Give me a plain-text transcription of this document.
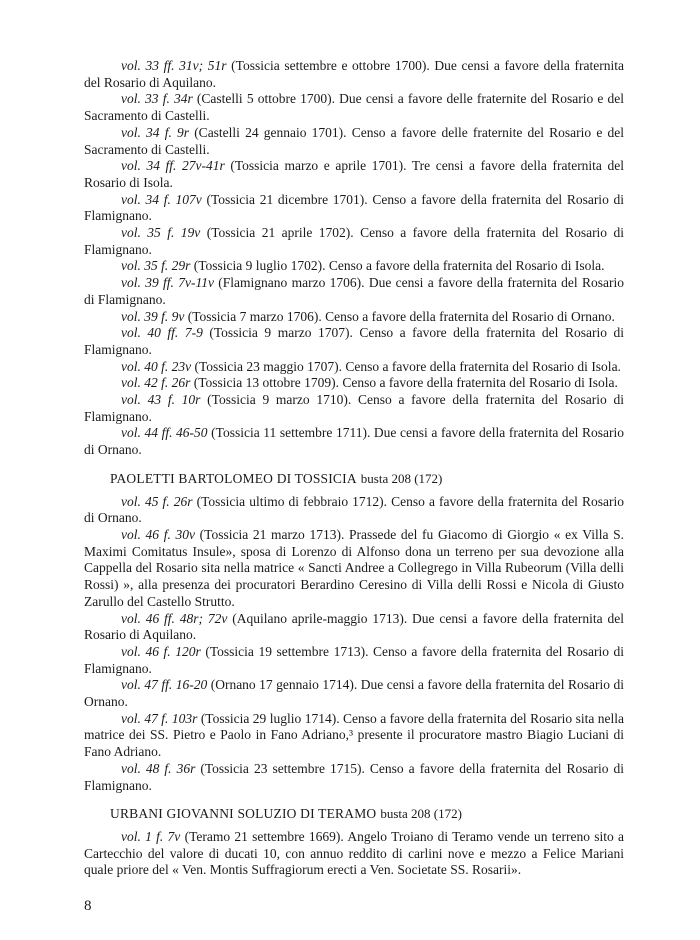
vol. 33 ff. 31v; 51r (Tossicia settembre e ottobre 1700). Due censi a favore della fraternita del Rosario di Aquilano.

vol. 33 f. 34r (Castelli 5 ottobre 1700). Due censi a favore delle fraternite del Rosario e del Sacramento di Castelli.

vol. 34 f. 9r (Castelli 24 gennaio 1701). Censo a favore delle fraternite del Rosario e del Sacramento di Castelli.

vol. 34 ff. 27v-41r (Tossicia marzo e aprile 1701). Tre censi a favore della fraternita del Rosario di Isola.

vol. 34 f. 107v (Tossicia 21 dicembre 1701). Censo a favore della fraternita del Rosario di Flamignano.

vol. 35 f. 19v (Tossicia 21 aprile 1702). Censo a favore della fraternita del Rosario di Flamignano.

vol. 35 f. 29r (Tossicia 9 luglio 1702). Censo a favore della fraternita del Rosario di Isola.

vol. 39 ff. 7v-11v (Flamignano marzo 1706). Due censi a favore della fraternita del Rosario di Flamignano.

vol. 39 f. 9v (Tossicia 7 marzo 1706). Censo a favore della fraternita del Rosario di Ornano.

vol. 40 ff. 7-9 (Tossicia 9 marzo 1707). Censo a favore della fraternita del Rosario di Flamignano.

vol. 40 f. 23v (Tossicia 23 maggio 1707). Censo a favore della fraternita del Rosario di Isola.

vol. 42 f. 26r (Tossicia 13 ottobre 1709). Censo a favore della fraternita del Rosario di Isola.

vol. 43 f. 10r (Tossicia 9 marzo 1710). Censo a favore della fraternita del Rosario di Flamignano.

vol. 44 ff. 46-50 (Tossicia 11 settembre 1711). Due censi a favore della fraternita del Rosario di Ornano.

PAOLETTI BARTOLOMEO DI TOSSICIA busta 208 (172)

vol. 45 f. 26r (Tossicia ultimo di febbraio 1712). Censo a favore della fraternita del Rosario di Ornano.

vol. 46 f. 30v (Tossicia 21 marzo 1713). Prassede del fu Giacomo di Giorgio « ex Villa S. Maximi Comitatus Insule», sposa di Lorenzo di Alfonso dona un terreno per sua devozione alla Cappella del Rosario sita nella matrice « Sancti Andree a Collegrego in Villa Rubeorum (Villa delli Rossi) », alla presenza dei procuratori Berardino Ceresino di Villa delli Rossi e Nicola di Giusto Zarullo del Castello Strutto.

vol. 46 ff. 48r; 72v (Aquilano aprile-maggio 1713). Due censi a favore della fraternita del Rosario di Aquilano.

vol. 46 f. 120r (Tossicia 19 settembre 1713). Censo a favore della fraternita del Rosario di Flamignano.

vol. 47 ff. 16-20 (Ornano 17 gennaio 1714). Due censi a favore della fraternita del Rosario di Ornano.

vol. 47 f. 103r (Tossicia 29 luglio 1714). Censo a favore della fraternita del Rosario sita nella matrice dei SS. Pietro e Paolo in Fano Adriano,³ presente il procuratore mastro Biagio Luciani di Fano Adriano.

vol. 48 f. 36r (Tossicia 23 settembre 1715). Censo a favore della fraternita del Rosario di Flamignano.

URBANI GIOVANNI SOLUZIO DI TERAMO busta 208 (172)

vol. 1 f. 7v (Teramo 21 settembre 1669). Angelo Troiano di Teramo vende un terreno sito a Cartecchio del valore di ducati 10, con annuo reddito di carlini nove e mezzo a Felice Mariani quale priore del « Ven. Montis Suffragiorum erecti a Ven. Societate SS. Rosarii».

8
